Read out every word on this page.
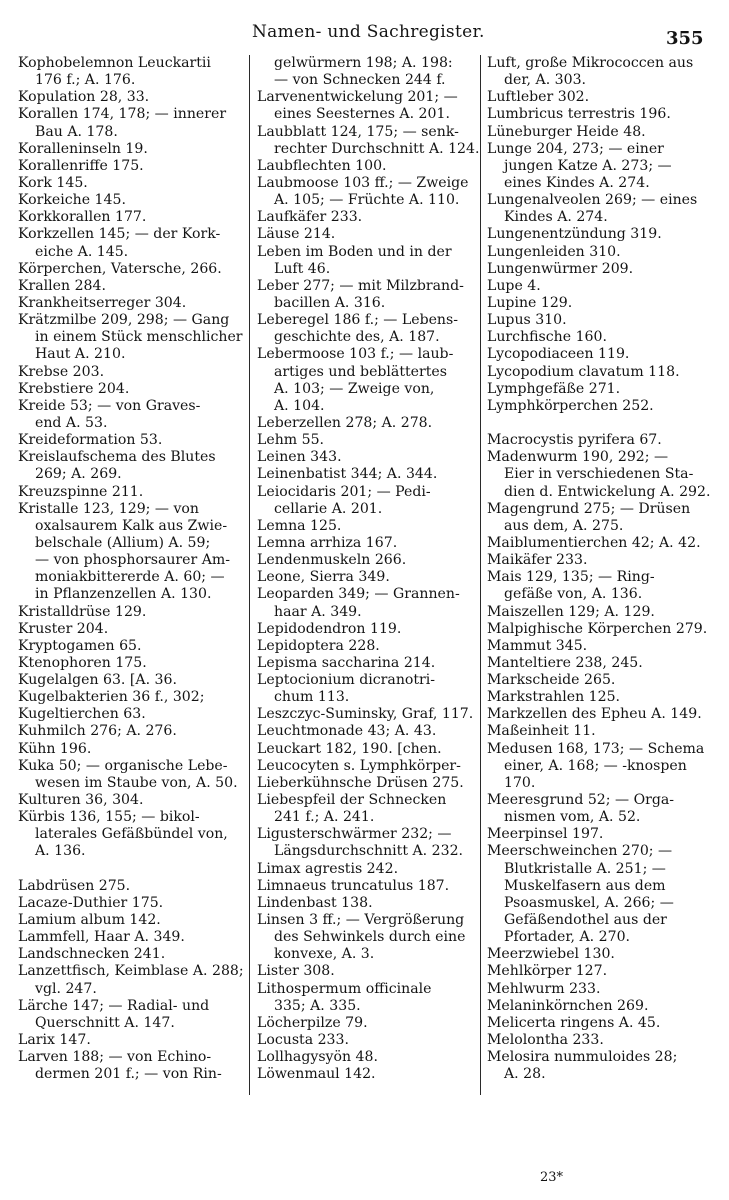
Namen- und Sachregister.	355
Kophobelemnon Leuckartii
176 f.; A. 176.
Kopulation 28, 33.
Korallen 174, 178; — innerer
Bau A. 178.
Koralleninseln 19.
Korallenriffe 175.
Kork 145.
Korkeiche 145.
Korkkorallen 177.
Korkzellen 145; — der Kork-
eiche A. 145.
Körperchen, Vatersche, 266.
Krallen 284.
Krankheitserreger 304.
Krätzmilbe 209, 298; — Gang
in einem Stück menschlicher
Haut A. 210.
Krebse 203.
Krebstiere 204.
Kreide 53; — von Graves-
end A. 53.
Kreideformation 53.
Kreislaufschema des Blutes
269; A. 269.
Kreuzspinne 211.
Kristalle 123, 129; — von
oxalsaurem Kalk aus Zwie-
belschale (Allium) A. 59;
— von phosphorsaurer Am-
moniakbittererde A. 60; —
in Pflanzenzellen A. 130.
Kristalldrüse 129.
Kruster 204.
Kryptogamen 65.
Ktenophoren 175.
Kugelalgen 63. [A. 36.
Kugelbakterien 36 f., 302;
Kugeltierchen 63.
Kuhmilch 276; A. 276.
Kühn 196.
Kuka 50; — organische Lebe-
wesen im Staube von, A. 50.
Kulturen 36, 304.
Kürbis 136, 155; — bikol-
laterales Gefäßbündel von,
A. 136.
Labdrüsen 275.
Lacaze-Duthier 175.
Lamium album 142.
Lammfell, Haar A. 349.
Landschnecken 241.
Lanzettfisch, Keimblase A. 288;
vgl. 247.
Lärche 147; — Radial- und
Querschnitt A. 147.
Larix 147.
Larven 188; — von Echino-
dermen 201 f.; — von Rin-
gelwürmern 198; A. 198:
— von Schnecken 244 f.
Larvenentwickelung 201; —
eines Seesternes A. 201.
Laubblatt 124, 175; — senk-
rechter Durchschnitt A. 124.
Laubflechten 100.
Laubmoose 103 ff.; — Zweige
A. 105; — Früchte A. 110.
Laufkäfer 233.
Läuse 214.
Leben im Boden und in der
Luft 46.
Leber 277; — mit Milzbrand-
bacillen A. 316.
Leberegel 186 f.; — Lebens-
geschichte des, A. 187.
Lebermoose 103 f.; — laub-
artiges und beblättertes
A. 103; — Zweige von,
A. 104.
Leberzellen 278; A. 278.
Lehm 55.
Leinen 343.
Leinenbatist 344; A. 344.
Leiocidaris 201; — Pedi-
cellarie A. 201.
Lemna 125.
Lemna arrhiza 167.
Lendenmuskeln 266.
Leone, Sierra 349.
Leoparden 349; — Grannen-
haar A. 349.
Lepidodendron 119.
Lepidoptera 228.
Lepisma saccharina 214.
Leptocionium dicranotri-
chum 113.
Leszczyc-Suminsky, Graf, 117.
Leuchtmonade 43; A. 43.
Leuckart 182, 190. [chen.
Leucocyten s. Lymphkörper-
Lieberkühnsche Drüsen 275.
Liebespfeil der Schnecken
241 f.; A. 241.
Ligusterschwärmer 232; —
Längsdurchschnitt A. 232.
Limax agrestis 242.
Limnaeus truncatulus 187.
Lindenbast 138.
Linsen 3 ff.; — Vergrößerung
des Sehwinkels durch eine
konvexe, A. 3.
Lister 308.
Lithospermum officinale
335; A. 335.
Löcherpilze 79.
Locusta 233.
Lollhagysyön 48.
Löwenmaul 142.
Luft, große Mikrococcen aus
der, A. 303.
Luftleber 302.
Lumbricus terrestris 196.
Lüneburger Heide 48.
Lunge 204, 273; — einer
jungen Katze A. 273; —
eines Kindes A. 274.
Lungenalveolen 269; — eines
Kindes A. 274.
Lungenentzündung 319.
Lungenleiden 310.
Lungenwürmer 209.
Lupe 4.
Lupine 129.
Lupus 310.
Lurchfische 160.
Lycopodiaceen 119.
Lycopodium clavatum 118.
Lymphgefäße 271.
Lymphkörperchen 252.
Macrocystis pyrifera 67.
Madenwurm 190, 292; —
Eier in verschiedenen Sta-
dien d. Entwickelung A. 292.
Magengrund 275; — Drüsen
aus dem, A. 275.
Maiblumentierchen 42; A. 42.
Maikäfer 233.
Mais 129, 135; — Ring-
gefäße von, A. 136.
Maiszellen 129; A. 129.
Malpighische Körperchen 279.
Mammut 345.
Manteltiere 238, 245.
Markscheide 265.
Markstrahlen 125.
Markzellen des Epheu A. 149.
Maßeinheit 11.
Medusen 168, 173; — Schema
einer, A. 168; — -knospen
170.
Meeresgrund 52; — Orga-
nismen vom, A. 52.
Meerpinsel 197.
Meerschweinchen 270; —
Blutkristalle A. 251; —
Muskelfasern aus dem
Psoasmuskel, A. 266; —
Gefäßendothel aus der
Pfortader, A. 270.
Meerzwiebel 130.
Mehlkörper 127.
Mehlwurm 233.
Melaninkörnchen 269.
Melicerta ringens A. 45.
Melolontha 233.
Melosira nummuloides 28;
A. 28.
23*
